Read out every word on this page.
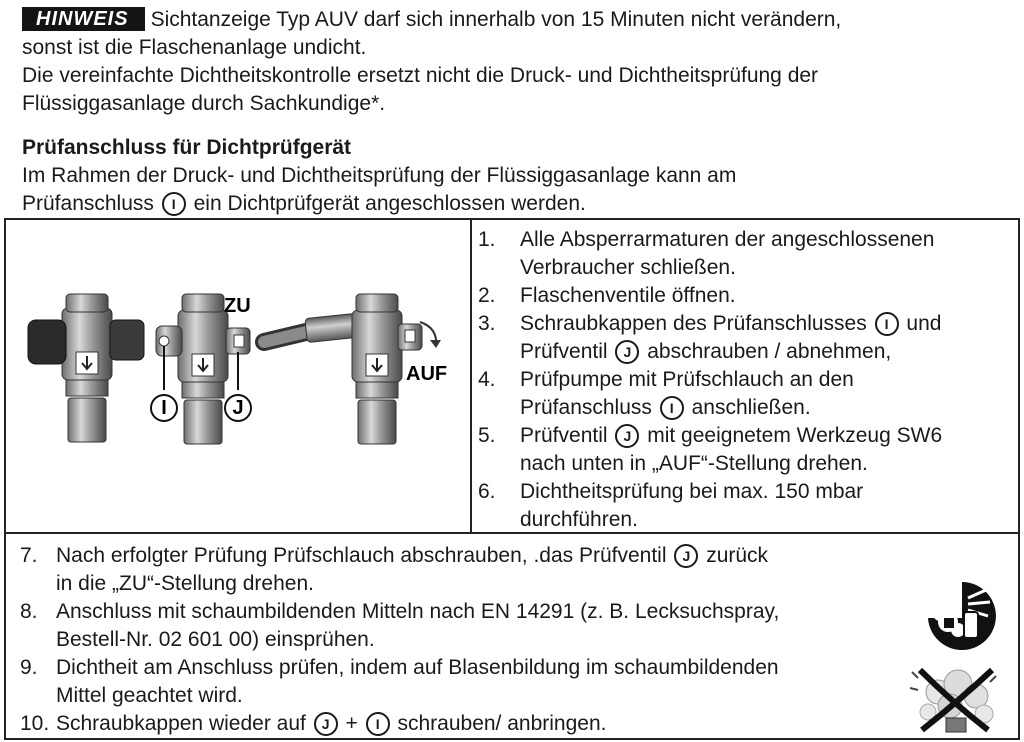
HINWEIS Sichtanzeige Typ AUV darf sich innerhalb von 15 Minuten nicht verändern,
sonst ist die Flaschenanlage undicht.
Die vereinfachte Dichtheitskontrolle ersetzt nicht die Druck- und Dichtheitsprüfung der
Flüssiggasanlage durch Sachkundige*.
Prüfanschluss für Dichtprüfgerät
Im Rahmen der Druck- und Dichtheitsprüfung der Flüssiggasanlage kann am
Prüfanschluss I ein Dichtprüfgerät angeschlossen werden.
I	J
ZU
AUF
1. Alle Absperrarmaturen der angeschlossenen
Verbraucher schließen.
2. Flaschenventile öffnen.
3. Schraubkappen des Prüfanschlusses I und
Prüfventil J abschrauben / abnehmen,
4. Prüfpumpe mit Prüfschlauch an den
Prüfanschluss I anschließen.
5. Prüfventil J mit geeignetem Werkzeug SW6
nach unten in „AUF“-Stellung drehen.
6. Dichtheitsprüfung bei max. 150 mbar
durchführen.
7. Nach erfolgter Prüfung Prüfschlauch abschrauben, .das Prüfventil J zurück
in die „ZU“-Stellung drehen.
8. Anschluss mit schaumbildenden Mitteln nach EN 14291 (z. B. Lecksuchspray,
Bestell-Nr. 02 601 00) einsprühen.
9. Dichtheit am Anschluss prüfen, indem auf Blasenbildung im schaumbildenden
Mittel geachtet wird.
10. Schraubkappen wieder auf J + I schrauben/ anbringen.
